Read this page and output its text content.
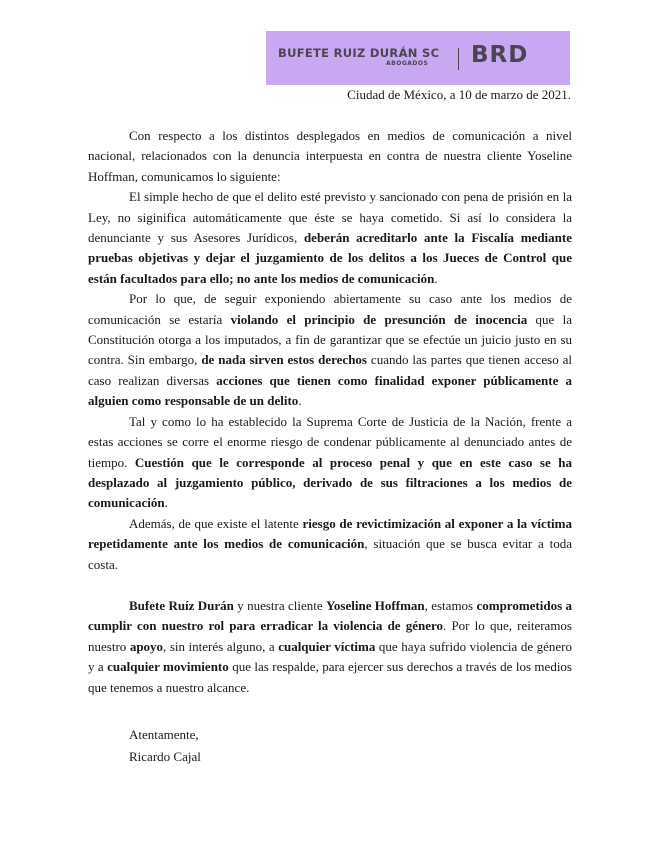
BUFETE RUIZ DURÁN SC
ABOGADOS BRD
Ciudad de México, a 10 de marzo de 2021.

Con respecto a los distintos desplegados en medios de comunicación a nivel nacional, relacionados con la denuncia interpuesta en contra de nuestra cliente Yoseline Hoffman, comunicamos lo siguiente:

El simple hecho de que el delito esté previsto y sancionado con pena de prisión en la Ley, no siginifica automáticamente que éste se haya cometido. Si así lo considera la denunciante y sus Asesores Jurídicos, deberán acreditarlo ante la Fiscalía mediante pruebas objetivas y dejar el juzgamiento de los delitos a los Jueces de Control que están facultados para ello; no ante los medios de comunicación.

Por lo que, de seguir exponiendo abiertamente su caso ante los medios de comunicación se estaría violando el principio de presunción de inocencia que la Constitución otorga a los imputados, a fin de garantizar que se efectúe un juicio justo en su contra. Sin embargo, de nada sirven estos derechos cuando las partes que tienen acceso al caso realizan diversas acciones que tienen como finalidad exponer públicamente a alguien como responsable de un delito.

Tal y como lo ha establecido la Suprema Corte de Justicia de la Nación, frente a estas acciones se corre el enorme riesgo de condenar públicamente al denunciado antes de tiempo. Cuestión que le corresponde al proceso penal y que en este caso se ha desplazado al juzgamiento público, derivado de sus filtraciones a los medios de comunicación.

Además, de que existe el latente riesgo de revictimización al exponer a la víctima repetidamente ante los medios de comunicación, situación que se busca evitar a toda costa.

Bufete Ruíz Durán y nuestra cliente Yoseline Hoffman, estamos comprometidos a cumplir con nuestro rol para erradicar la violencia de género. Por lo que, reiteramos nuestro apoyo, sin interés alguno, a cualquier víctima que haya sufrido violencia de género y a cualquier movimiento que las respalde, para ejercer sus derechos a través de los medios que tenemos a nuestro alcance.

Atentamente,
Ricardo Cajal
